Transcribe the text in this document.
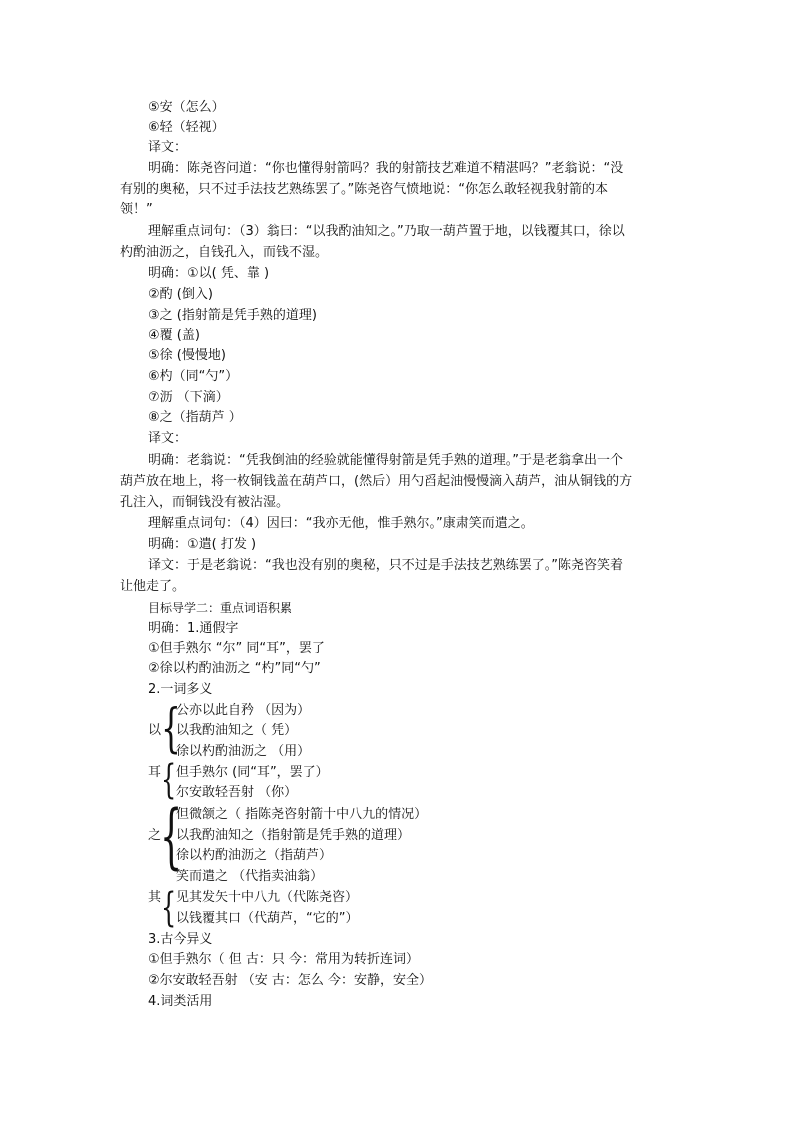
⑤安（怎么）
⑥轻（轻视）
译文：
明确：陈尧咨问道：“你也懂得射箭吗？我的射箭技艺难道不精湛吗？”老翁说：“没
有别的奥秘，只不过手法技艺熟练罢了。”陈尧咨气愤地说：“你怎么敢轻视我射箭的本
领！”
理解重点词句：（3）翁曰：“以我酌油知之。”乃取一葫芦置于地，以钱覆其口，徐以
杓酌油沥之，自钱孔入，而钱不湿。
明确：①以( 凭、靠 )
②酌 (倒入)
③之 (指射箭是凭手熟的道理)
④覆 (盖)
⑤徐 (慢慢地)
⑥杓（同“勺”）
⑦沥 （下滴）
⑧之（指葫芦 ）
译文：
明确：老翁说：“凭我倒油的经验就能懂得射箭是凭手熟的道理。”于是老翁拿出一个
葫芦放在地上，将一枚铜钱盖在葫芦口，(然后）用勺舀起油慢慢滴入葫芦，油从铜钱的方
孔注入，而铜钱没有被沾湿。
理解重点词句：（4）因曰：“我亦无他，惟手熟尔。”康肃笑而遣之。
明确：①遣( 打发 )
译文：于是老翁说：“我也没有别的奥秘，只不过是手法技艺熟练罢了。”陈尧咨笑着
让他走了。
目标导学二：重点词语积累
明确：1.通假字
①但手熟尔 “尔” 同“耳”，罢了
②徐以杓酌油沥之 “杓”同“勺”
2.一词多义
以 {
公亦以此自矜 （因为）
以我酌油知之（ 凭）
徐以杓酌油沥之 （用）
耳 { 但手熟尔 (同“耳”，罢了）
尔安敢轻吾射 （你）
之
{
但微颔之（ 指陈尧咨射箭十中八九的情况）
以我酌油知之（指射箭是凭手熟的道理）
徐以杓酌油沥之（指葫芦）
笑而遣之 （代指卖油翁）
其 { 见其发矢十中八九（代陈尧咨）
以钱覆其口（代葫芦，“它的”）
3.古今异义
①但手熟尔（ 但 古：只 今：常用为转折连词）
②尔安敢轻吾射 （安 古：怎么 今：安静，安全）
4.词类活用
